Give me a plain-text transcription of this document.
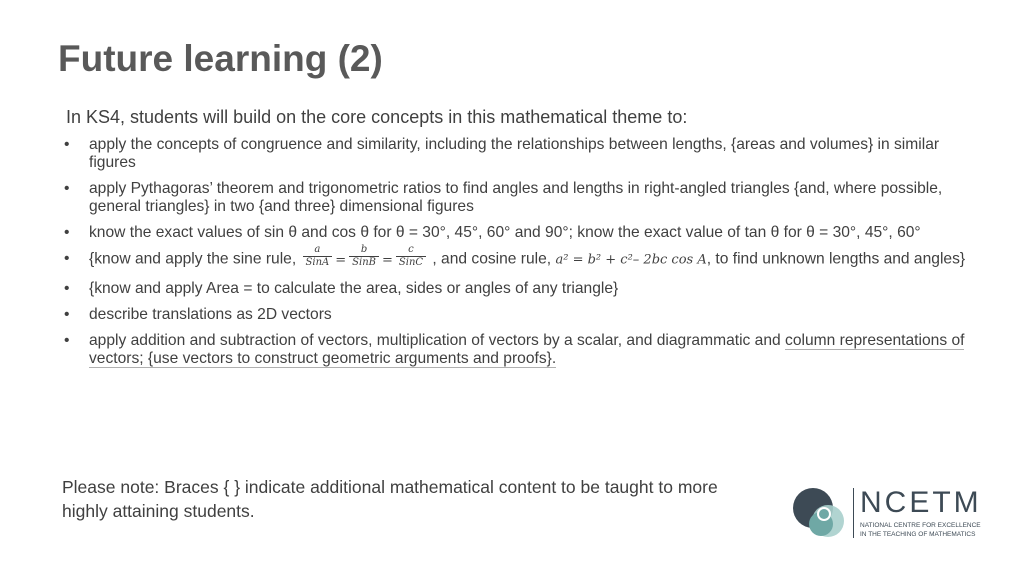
Future learning (2)
In KS4, students will build on the core concepts in this mathematical theme to:
• apply the concepts of congruence and similarity, including the relationships between lengths, {areas and volumes} in similar figures
• apply Pythagoras’ theorem and trigonometric ratios to find angles and lengths in right-angled triangles {and, where possible, general triangles} in two {and three} dimensional figures
• know the exact values of sin θ and cos θ for θ = 30°, 45°, 60° and 90°; know the exact value of tan θ for θ = 30°, 45°, 60°
• {know and apply the sine rule, $\frac{a}{\text{SinA}} = \frac{b}{\text{SinB}} = \frac{c}{\text{SinC}}$ , and cosine rule, a² = b² + c²– 2bc cos A, to find unknown lengths and angles}
• {know and apply Area = to calculate the area, sides or angles of any triangle}
• describe translations as 2D vectors
• apply addition and subtraction of vectors, multiplication of vectors by a scalar, and diagrammatic and column representations of vectors; {use vectors to construct geometric arguments and proofs}.
Please note: Braces { } indicate additional mathematical content to be taught to more highly attaining students.	NCETM
NATIONAL CENTRE FOR EXCELLENCE
IN THE TEACHING OF MATHEMATICS
